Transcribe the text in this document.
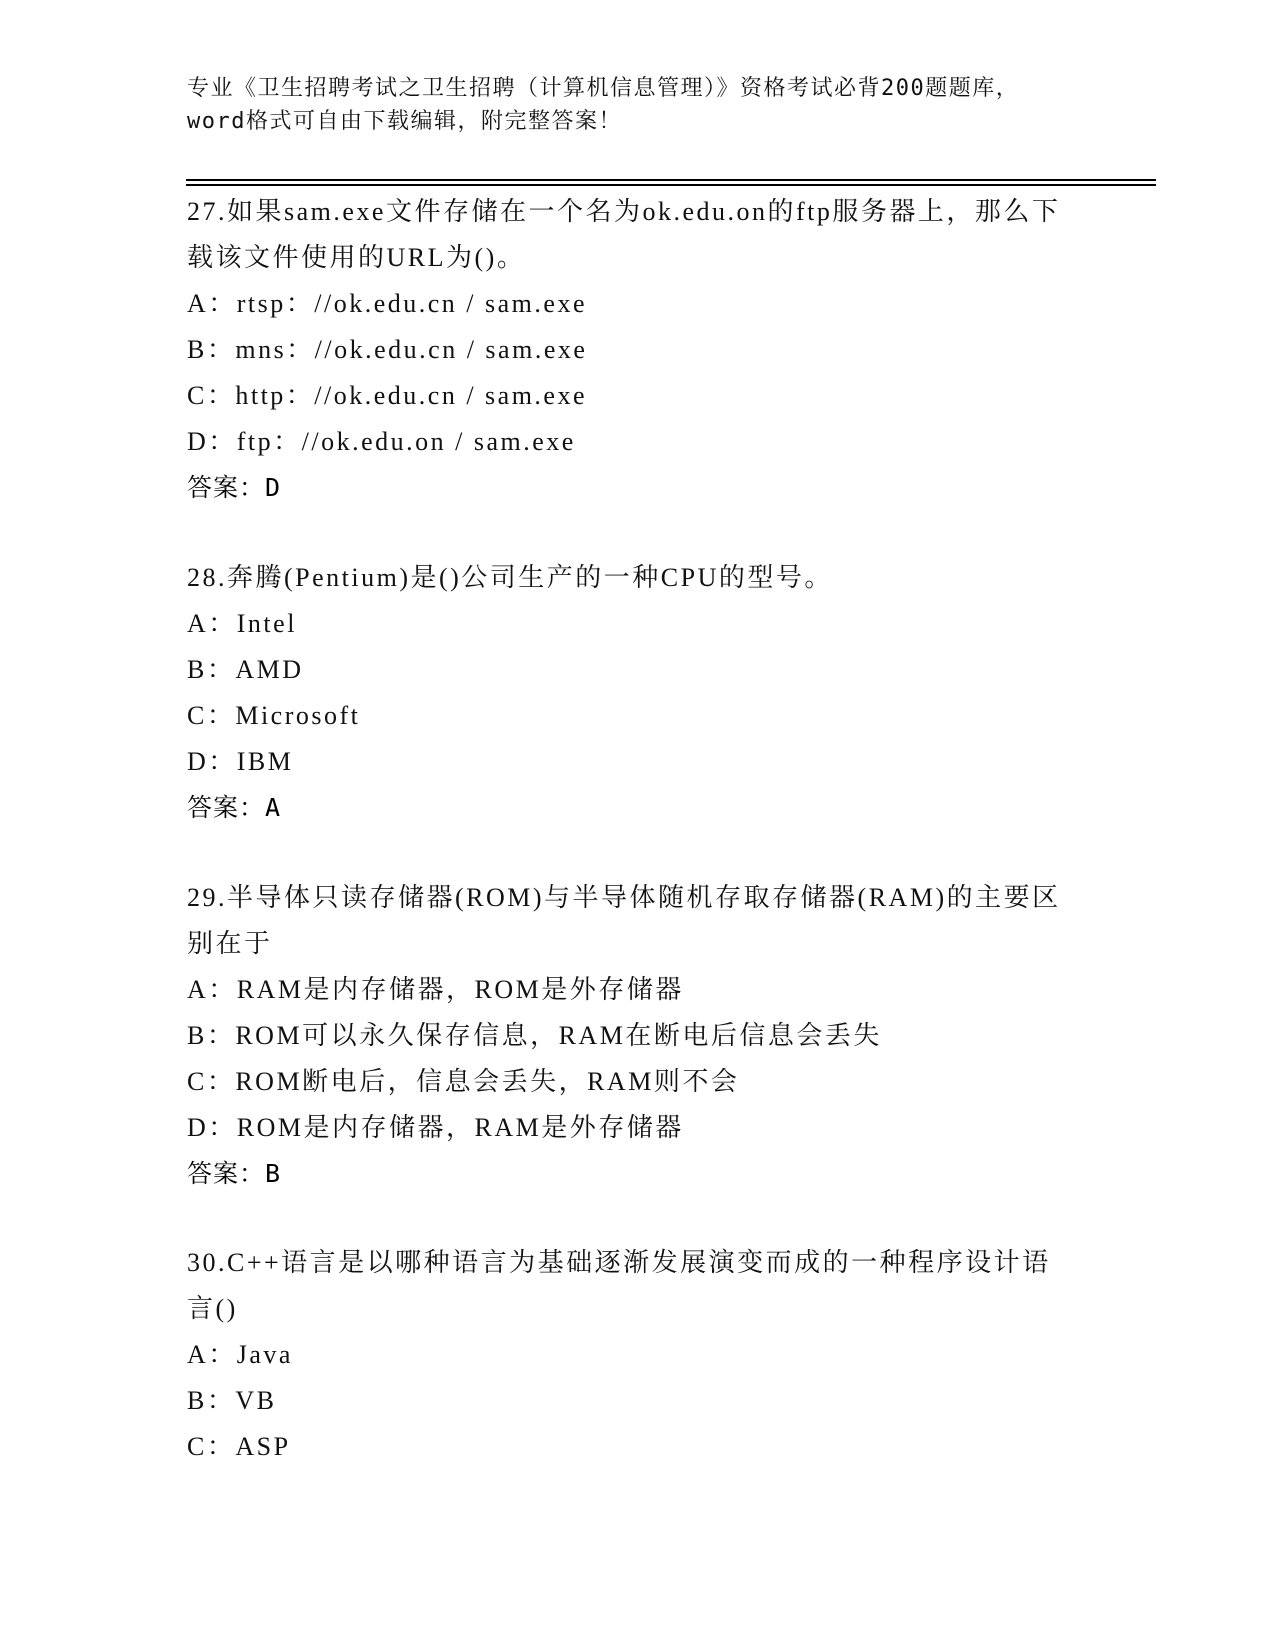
专业《卫生招聘考试之卫生招聘（计算机信息管理）》资格考试必背200题题库，
word格式可自由下载编辑，附完整答案！

27.如果sam.exe文件存储在一个名为ok.edu.on的ftp服务器上，那么下载该文件使用的URL为()。

A：rtsp：//ok.edu.cn / sam.exe

B：mns：//ok.edu.cn / sam.exe

C：http：//ok.edu.cn / sam.exe

D：ftp：//ok.edu.on / sam.exe

答案：D

28.奔腾(Pentium)是()公司生产的一种CPU的型号。

A：Intel

B：AMD

C：Microsoft

D：IBM

答案：A

29.半导体只读存储器(ROM)与半导体随机存取存储器(RAM)的主要区别在于

A：RAM是内存储器，ROM是外存储器

B：ROM可以永久保存信息，RAM在断电后信息会丢失

C：ROM断电后，信息会丢失，RAM则不会

D：ROM是内存储器，RAM是外存储器

答案：B

30.C++语言是以哪种语言为基础逐渐发展演变而成的一种程序设计语言()

A：Java

B：VB

C：ASP
